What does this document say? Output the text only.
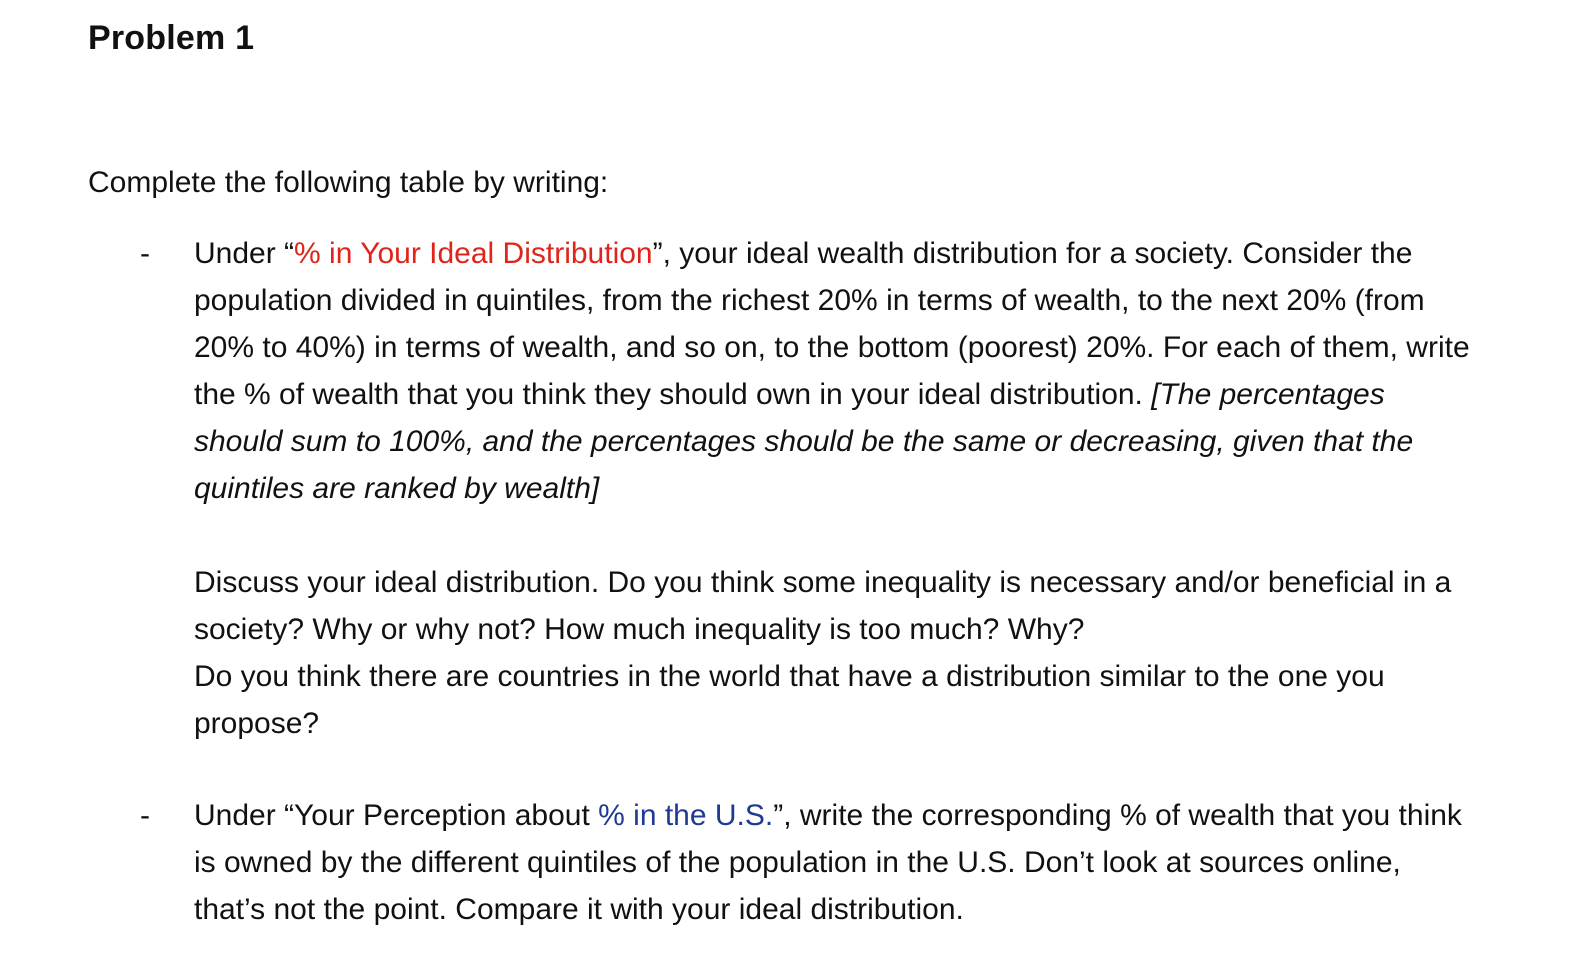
Problem 1
Complete the following table by writing:
-	Under “% in Your Ideal Distribution”, your ideal wealth distribution for a society. Consider the population divided in quintiles, from the richest 20% in terms of wealth, to the next 20% (from 20% to 40%) in terms of wealth, and so on, to the bottom (poorest) 20%. For each of them, write the % of wealth that you think they should own in your ideal distribution. [The percentages should sum to 100%, and the percentages should be the same or decreasing, given that the quintiles are ranked by wealth]

Discuss your ideal distribution. Do you think some inequality is necessary and/or beneficial in a society? Why or why not? How much inequality is too much? Why?
Do you think there are countries in the world that have a distribution similar to the one you propose?

-	Under “Your Perception about % in the U.S.”, write the corresponding % of wealth that you think is owned by the different quintiles of the population in the U.S. Don’t look at sources online, that’s not the point. Compare it with your ideal distribution.
